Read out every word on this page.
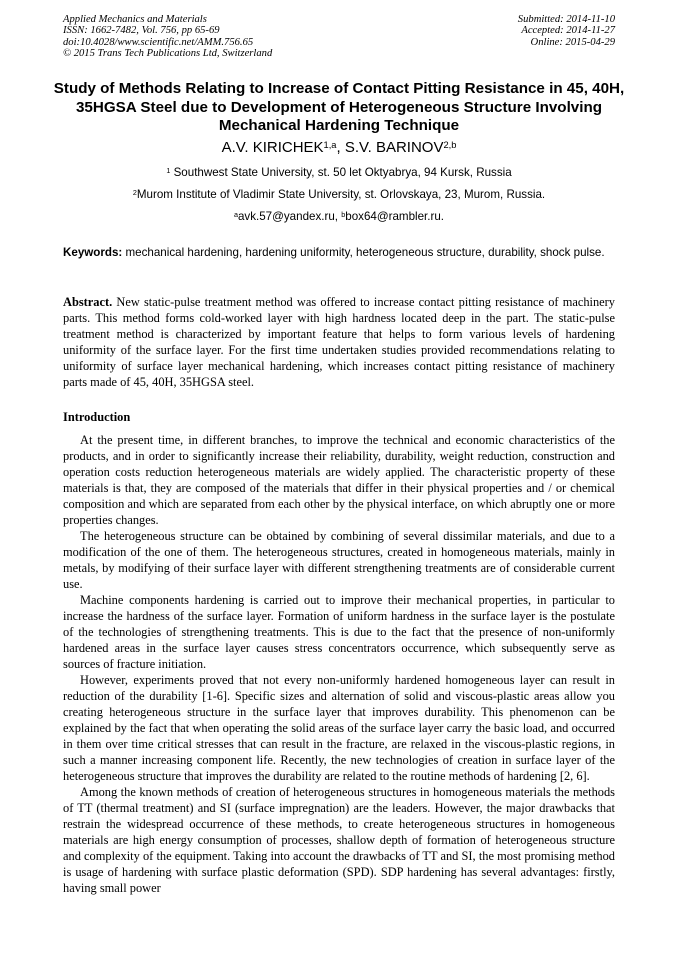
Applied Mechanics and Materials
ISSN: 1662-7482, Vol. 756, pp 65-69
doi:10.4028/www.scientific.net/AMM.756.65
© 2015 Trans Tech Publications Ltd, Switzerland
Submitted: 2014-11-10
Accepted: 2014-11-27
Online: 2015-04-29
Study of Methods Relating to Increase of Contact Pitting Resistance in 45, 40H, 35HGSA Steel due to Development of Heterogeneous Structure Involving Mechanical Hardening Technique
A.V. KIRICHEK$^{1,a}$, S.V. BARINOV$^{2,b}$
$^1$ Southwest State University, st. 50 let Oktyabrya, 94 Kursk, Russia
$^2$Murom Institute of Vladimir State University, st. Orlovskaya, 23, Murom, Russia.
$^a$avk.57@yandex.ru, $^b$box64@rambler.ru.
Keywords: mechanical hardening, hardening uniformity, heterogeneous structure, durability, shock pulse.

Abstract. New static-pulse treatment method was offered to increase contact pitting resistance of machinery parts. This method forms cold-worked layer with high hardness located deep in the part. The static-pulse treatment method is characterized by important feature that helps to form various levels of hardening uniformity of the surface layer. For the first time undertaken studies provided recommendations relating to uniformity of surface layer mechanical hardening, which increases contact pitting resistance of machinery parts made of 45, 40H, 35HGSA steel.

Introduction

At the present time, in different branches, to improve the technical and economic characteristics of the products, and in order to significantly increase their reliability, durability, weight reduction, construction and operation costs reduction heterogeneous materials are widely applied. The characteristic property of these materials is that, they are composed of the materials that differ in their physical properties and / or chemical composition and which are separated from each other by the physical interface, on which abruptly one or more properties changes.

The heterogeneous structure can be obtained by combining of several dissimilar materials, and due to a modification of the one of them. The heterogeneous structures, created in homogeneous materials, mainly in metals, by modifying of their surface layer with different strengthening treatments are of considerable current use.

Machine components hardening is carried out to improve their mechanical properties, in particular to increase the hardness of the surface layer. Formation of uniform hardness in the surface layer is the postulate of the technologies of strengthening treatments. This is due to the fact that the presence of non-uniformly hardened areas in the surface layer causes stress concentrators occurrence, which subsequently serve as sources of fracture initiation.

However, experiments proved that not every non-uniformly hardened homogeneous layer can result in reduction of the durability [1-6]. Specific sizes and alternation of solid and viscous-plastic areas allow you creating heterogeneous structure in the surface layer that improves durability. This phenomenon can be explained by the fact that when operating the solid areas of the surface layer carry the basic load, and occurred in them over time critical stresses that can result in the fracture, are relaxed in the viscous-plastic regions, in such a manner increasing component life. Recently, the new technologies of creation in surface layer of the heterogeneous structure that improves the durability are related to the routine methods of hardening [2, 6].

Among the known methods of creation of heterogeneous structures in homogeneous materials the methods of TT (thermal treatment) and SI (surface impregnation) are the leaders. However, the major drawbacks that restrain the widespread occurrence of these methods, to create heterogeneous structures in homogeneous materials are high energy consumption of processes, shallow depth of formation of heterogeneous structure and complexity of the equipment. Taking into account the drawbacks of TT and SI, the most promising method is usage of hardening with surface plastic deformation (SPD). SDP hardening has several advantages: firstly, having small power
